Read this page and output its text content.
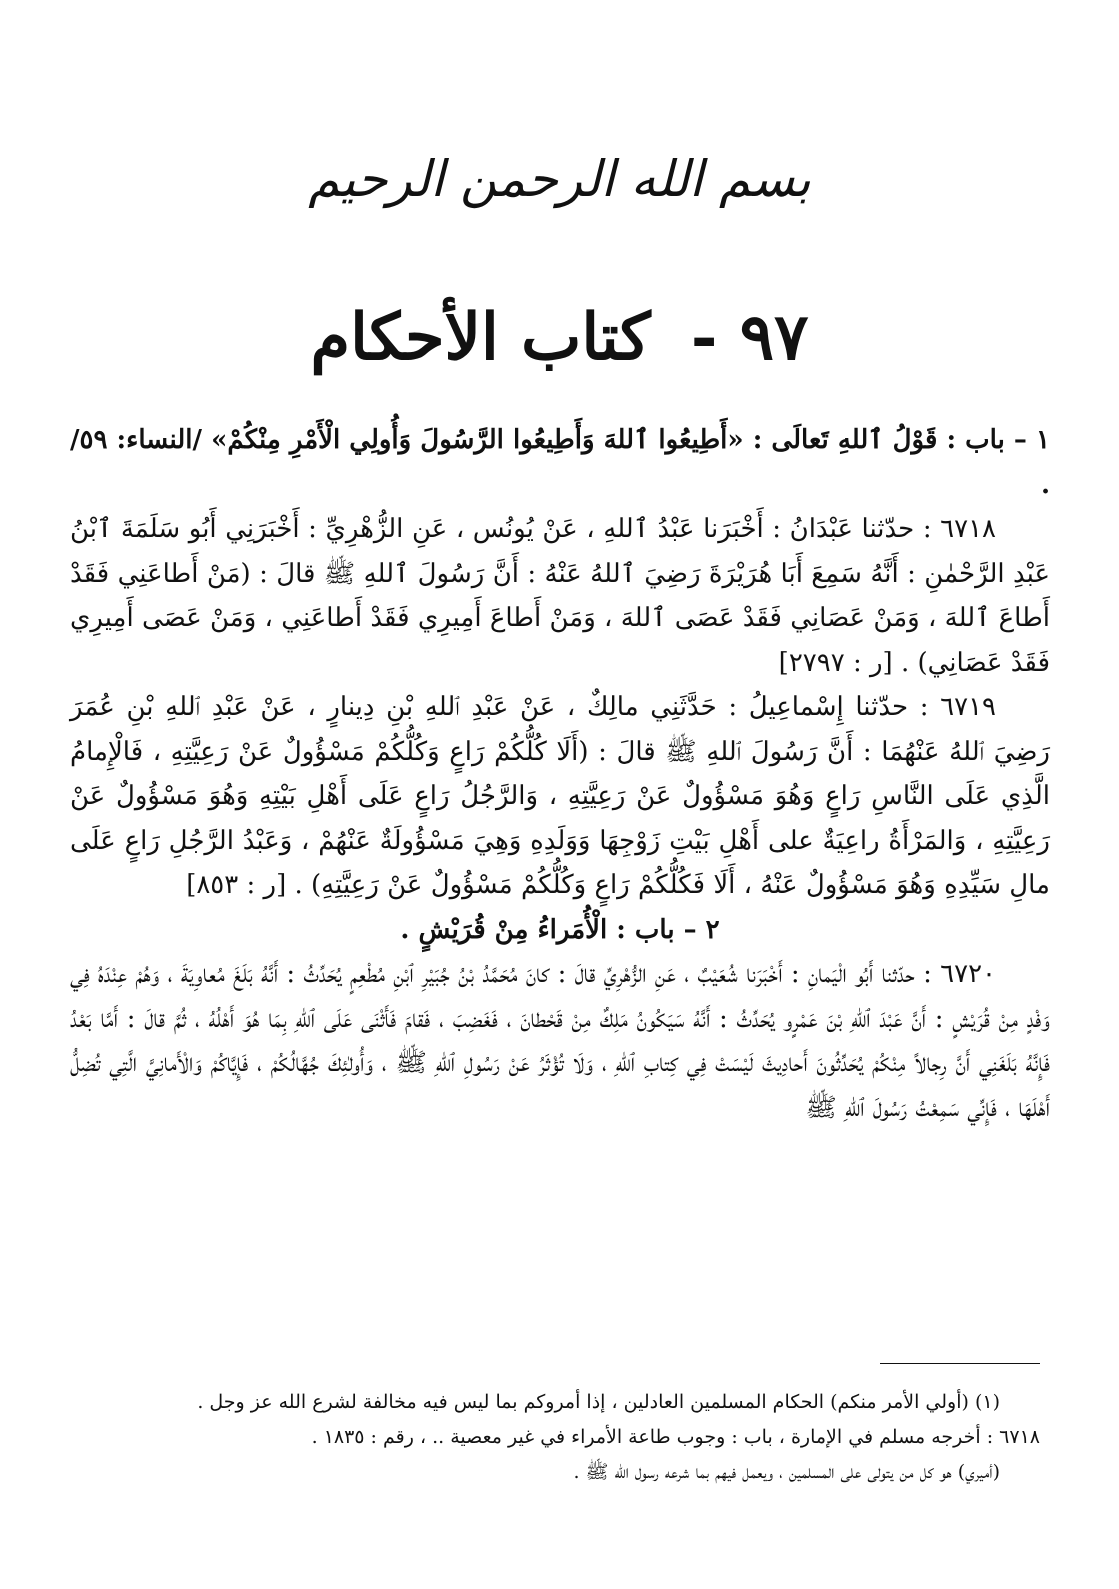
بسم الله الرحمن الرحيم
٩٧ - كتاب الأحكام

١ – باب : قَوْلُ ٱللهِ تَعالَى : «أَطِيعُوا ٱللهَ وَأَطِيعُوا الرَّسُولَ وَأُولِي الْأَمْرِ مِنْكُمْ» /النساء: ٥٩/ .

٦٧١٨ : حدّثنا عَبْدَانُ : أَخْبَرَنا عَبْدُ ٱللهِ ، عَنْ يُونُس ، عَنِ الزُّهْرِيِّ : أَخْبَرَنِي أَبُو سَلَمَةَ ٱبْنُ عَبْدِ الرَّحْمٰنِ : أَنَّهُ سَمِعَ أَبَا هُرَيْرَةَ رَضِيَ ٱللهُ عَنْهُ : أَنَّ رَسُولَ ٱللهِ ﷺ قالَ : (مَنْ أَطاعَنِي فَقَدْ أَطاعَ ٱللهَ ، وَمَنْ عَصَانِي فَقَدْ عَصَى ٱللهَ ، وَمَنْ أَطاعَ أَمِيرِي فَقَدْ أَطاعَنِي ، وَمَنْ عَصَى أَمِيرِي فَقَدْ عَصَانِي) . [ر : ٢٧٩٧]

٦٧١٩ : حدّثنا إِسْماعِيلُ : حَدَّثَنِي مالِكٌ ، عَنْ عَبْدِ ٱللهِ بْنِ دِينارٍ ، عَنْ عَبْدِ ٱللهِ بْنِ عُمَرَ رَضِيَ ٱللهُ عَنْهُمَا : أَنَّ رَسُولَ ٱللهِ ﷺ قالَ : (أَلَا كُلُّكُمْ رَاعٍ وَكُلُّكُمْ مَسْؤُولٌ عَنْ رَعِيَّتِهِ ، فَالْإِمامُ الَّذِي عَلَى النَّاسِ رَاعٍ وَهُوَ مَسْؤُولٌ عَنْ رَعِيَّتِهِ ، وَالرَّجُلُ رَاعٍ عَلَى أَهْلِ بَيْتِهِ وَهُوَ مَسْؤُولٌ عَنْ رَعِيَّتِهِ ، وَالمَرْأَةُ راعِيَةٌ على أَهْلِ بَيْتِ زَوْجِهَا وَوَلَدِهِ وَهِيَ مَسْؤُولَةٌ عَنْهُمْ ، وَعَبْدُ الرَّجُلِ رَاعٍ عَلَى مالِ سَيِّدِهِ وَهُوَ مَسْؤُولٌ عَنْهُ ، أَلَا فَكُلُّكُمْ رَاعٍ وَكُلُّكُمْ مَسْؤُولٌ عَنْ رَعِيَّتِهِ) . [ر : ٨٥٣]

٢ – باب : الْأُمَراءُ مِنْ قُرَيْشٍ .

٦٧٢٠ : حدّثنا أَبُو الْيَمانِ : أَخْبَرَنا شُعَيْبٌ ، عَنِ الزُّهْرِيِّ قالَ : كانَ مُحَمَّدُ بْنُ جُبَيْرِ ٱبْنِ مُطْعِمٍ يُحَدِّثُ : أَنَّهُ بَلَغَ مُعاوِيَةَ ، وَهُمْ عِنْدَهُ فِي وَفْدٍ مِنْ قُرَيْشٍ : أَنَّ عَبْدَ ٱللهِ بْنَ عَمْرٍو يُحَدِّثُ : أَنَّهُ سَيَكُونُ مَلِكٌ مِنْ قَحْطانَ ، فَغَضِبَ ، فَقامَ فَأَثْنَى عَلَى ٱللهِ بِمَا هُوَ أَهْلُهُ ، ثُمَّ قالَ : أَمَّا بَعْدُ فَإِنَّهُ بَلَغَنِي أَنَّ رِجالاً مِنْكُمْ يُحَدِّثُونَ أَحادِيثَ لَيْسَتْ فِي كِتابِ ٱللهِ ، وَلَا تُؤْثَرُ عَنْ رَسُولِ ٱللهِ ﷺ ، وَأُولٰئِكَ جُهَّالُكُمْ ، فَإِيَّاكُمْ وَالْأَمانِيَّ الَّتِي تُضِلُّ أَهْلَهَا ، فَإِنِّي سَمِعْتُ رَسُولَ ٱللهِ ﷺ

(١) (أولي الأمر منكم) الحكام المسلمين العادلين ، إذا أمروكم بما ليس فيه مخالفة لشرع الله عز وجل .

٦٧١٨ : أخرجه مسلم في الإمارة ، باب : وجوب طاعة الأمراء في غير معصية .. ، رقم : ١٨٣٥ .

(أميري) هو كل من يتولى على المسلمين ، ويعمل فيهم بما شرعه رسول الله ﷺ .
